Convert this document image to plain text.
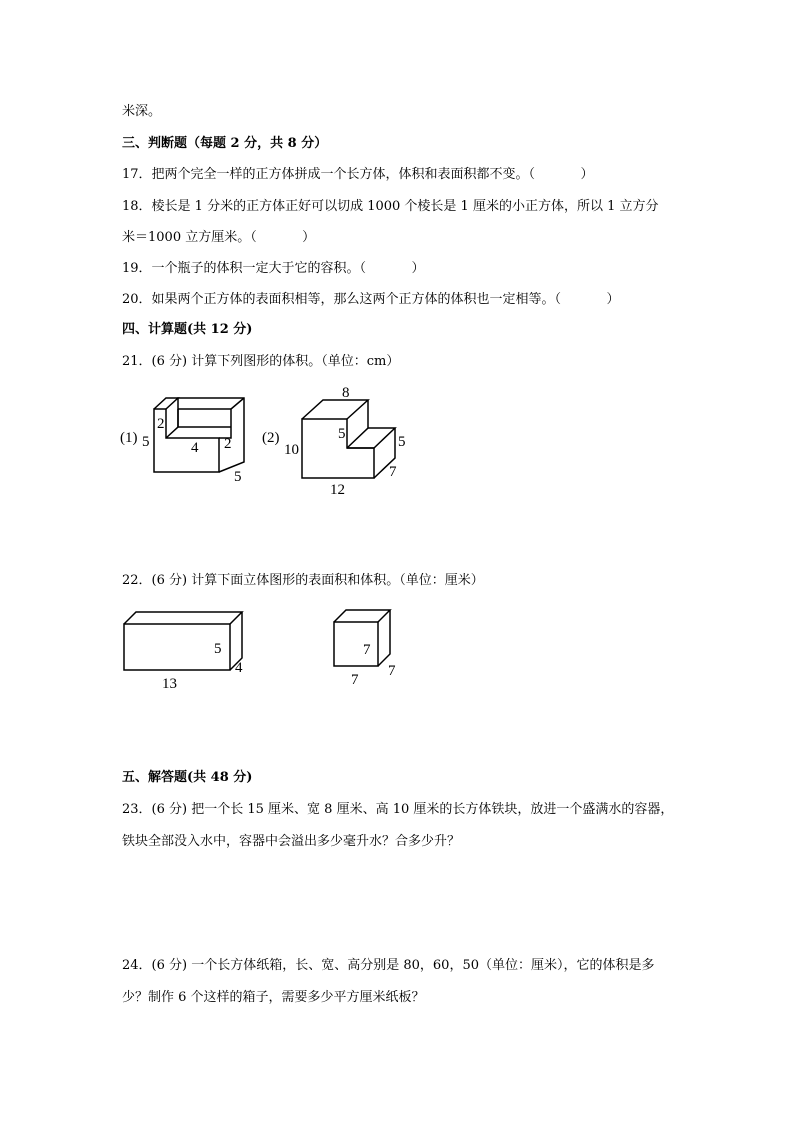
米深。
三、判断题（每题 2 分，共 8 分）
17．把两个完全一样的正方体拼成一个长方体，体积和表面积都不变。（           ）
18．棱长是 1 分米的正方体正好可以切成 1000 个棱长是 1 厘米的小正方体，所以 1 立方分
米＝1000 立方厘米。（           ）
19．一个瓶子的体积一定大于它的容积。（           ）
20．如果两个正方体的表面积相等，那么这两个正方体的体积也一定相等。（           ）
四、计算题(共 12 分)
21．(6 分) 计算下列图形的体积。（单位：cm）
(1) 5
2
4 2
5
(2)
8
10
5	5
7
12
22．(6 分) 计算下面立体图形的表面积和体积。（单位：厘米）
5
4
13
7
7
7
五、解答题(共 48 分)
23．(6 分) 把一个长 15 厘米、宽 8 厘米、高 10 厘米的长方体铁块，放进一个盛满水的容器，
铁块全部没入水中，容器中会溢出多少毫升水？合多少升？
24．(6 分) 一个长方体纸箱，长、宽、高分别是 80，60，50（单位：厘米），它的体积是多
少？制作 6 个这样的箱子，需要多少平方厘米纸板？
